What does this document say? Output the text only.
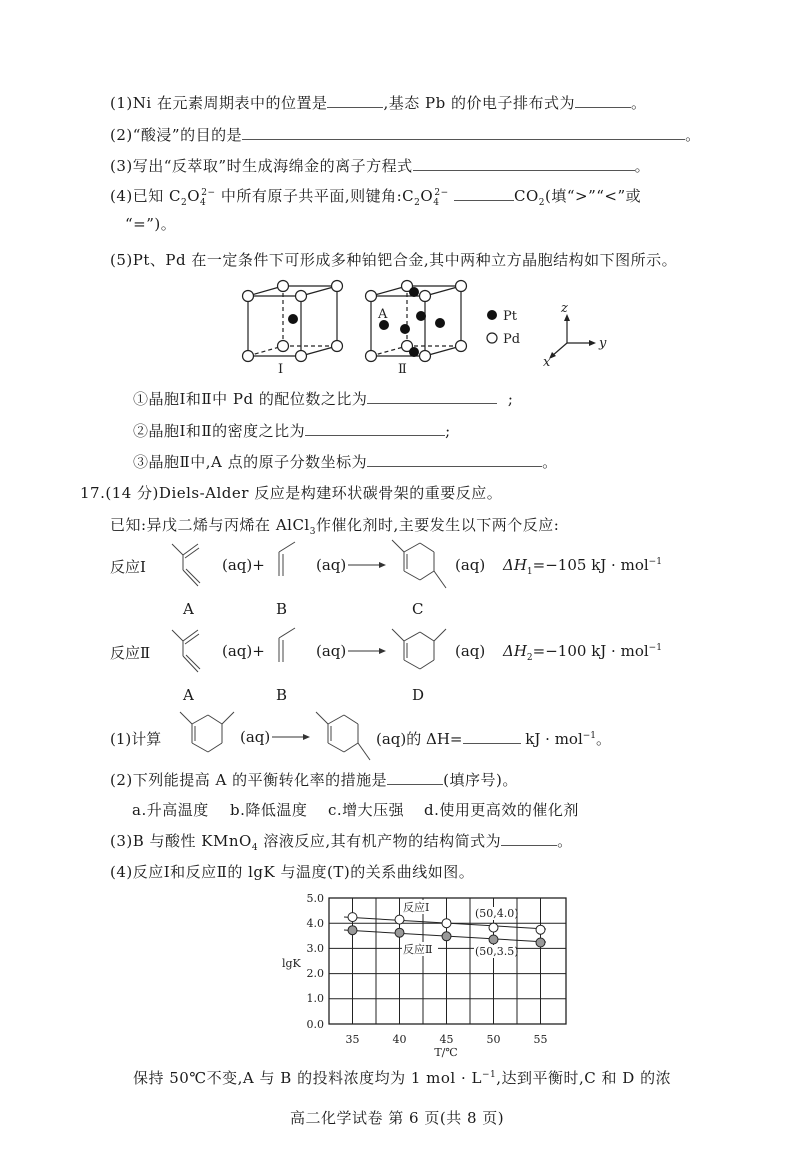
(1)Ni 在元素周期表中的位置是	,基态 Pb 的价电子排布式为	。
(2)“酸浸”的目的是	。
(3)写出“反萃取”时生成海绵金的离子方程式	。
(4)已知 $C_2O_4^{2-}$ 中所有原子共平面,则键角$:C_2O_4^{2-}$	$CO_2$(填“>”“<”或
“=”)。
(5)Pt、Pd 在一定条件下可形成多种铂钯合金,其中两种立方晶胞结构如下图所示。
A
Ⅰ	Ⅱ
Pt
Pd
z
y
x
①晶胞Ⅰ和Ⅱ中 Pd 的配位数之比为	;
②晶胞Ⅰ和Ⅱ的密度之比为	;
③晶胞Ⅱ中,A 点的原子分数坐标为	。
17.(14 分)Diels-Alder 反应是构建环状碳骨架的重要反应。
已知:异戊二烯与丙烯在 AlCl$_3$作催化剂时,主要发生以下两个反应:
反应Ⅰ	(aq)+	(aq) →	(aq) $\Delta H_1=-105$ kJ · mol$^{-1}$
A	B	C
反应Ⅱ	(aq)+	(aq) →	(aq) $\Delta H_2=-100$ kJ · mol$^{-1}$
A	B	D
(1)计算	(aq) →	(aq)的 ΔH=	kJ · mol$^{-1}$。
(2)下列能提高 A 的平衡转化率的措施是	(填序号)。
a.升高温度 b.降低温度 c.增大压强 d.使用更高效的催化剂
(3)B 与酸性 KMnO$_4$ 溶液反应,其有机产物的结构简式为	。
(4)反应Ⅰ和反应Ⅱ的 lgK 与温度(T)的关系曲线如图。
5.0
4.0
3.0
2.0
1.0
0.0
lgK
35	40	45	50	55
T/℃
反应Ⅰ
反应Ⅱ
(50,4.0)
(50,3.5)
保持 50℃不变,A 与 B 的投料浓度均为 1 mol · $L^{-1}$,达到平衡时,C 和 D 的浓
高二化学试卷 第 6 页(共 8 页)
